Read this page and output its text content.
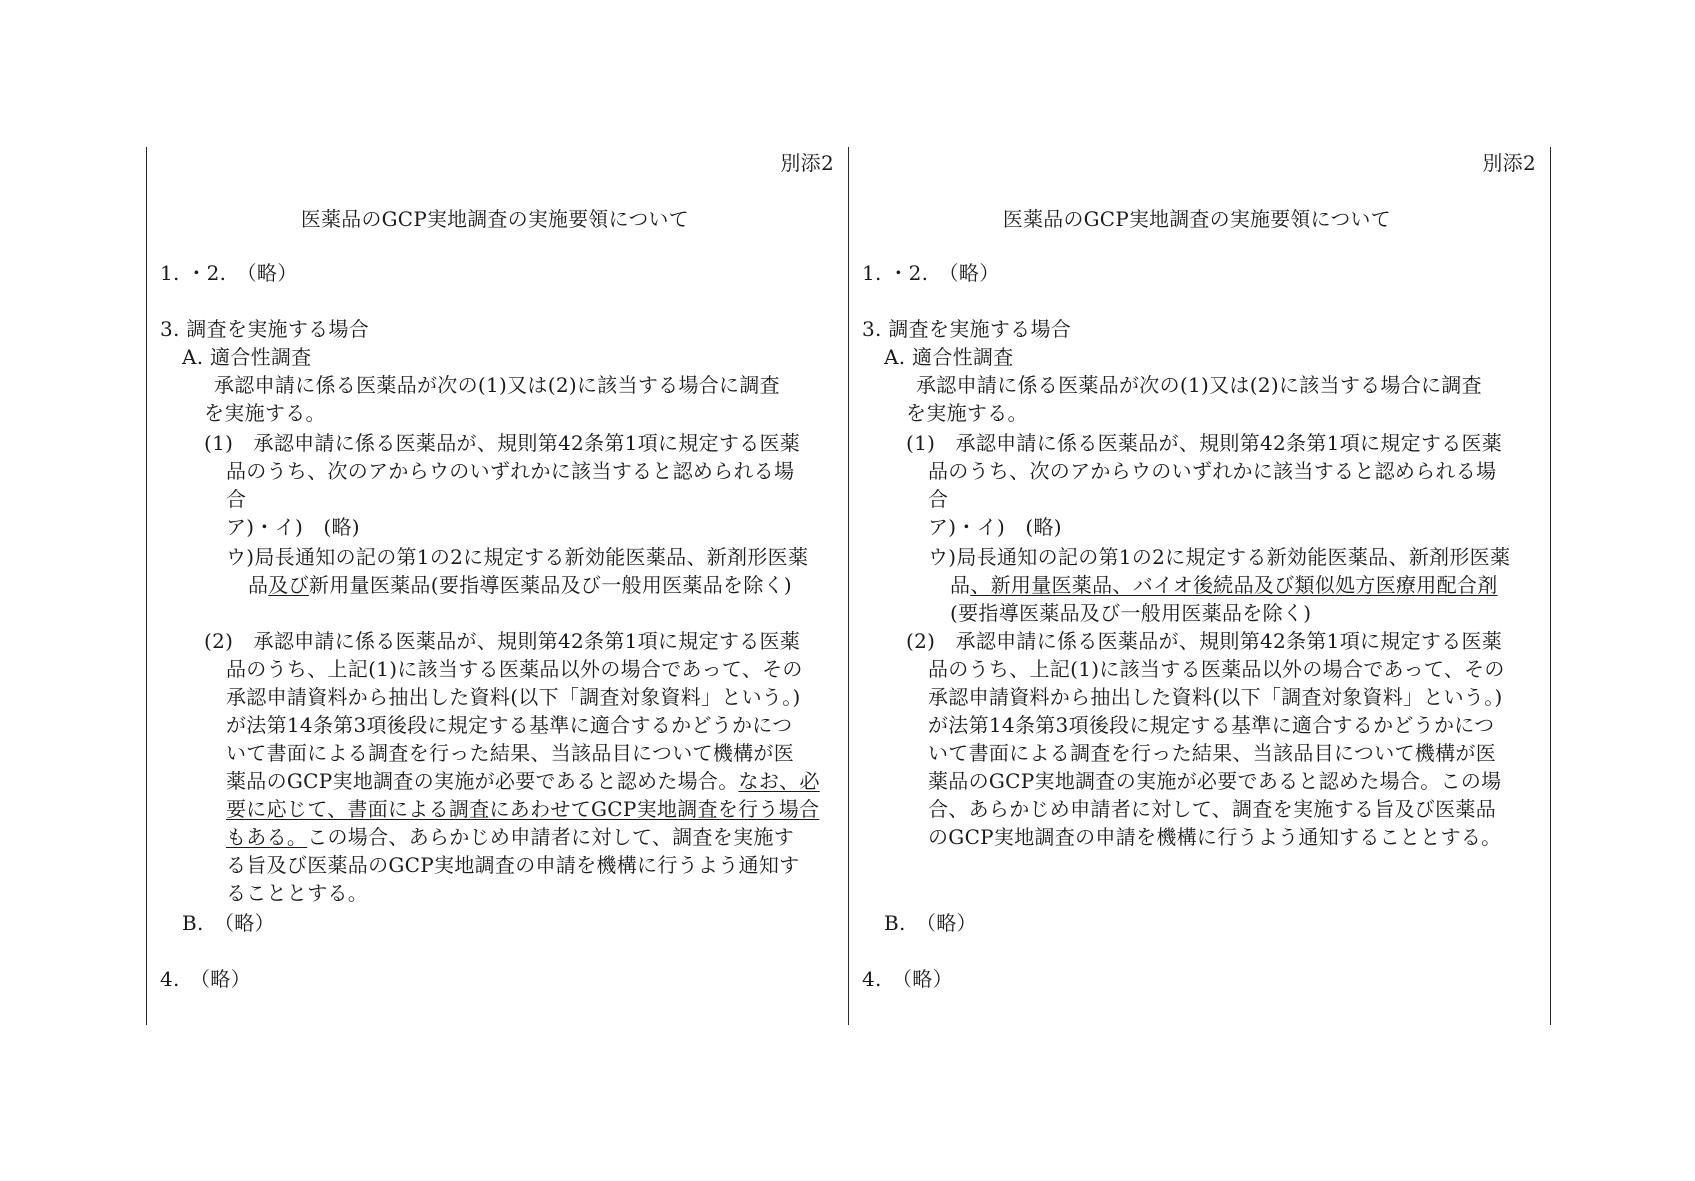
別添2
医薬品のGCP実地調査の実施要領について
1. ・2.　（略）
3. 調査を実施する場合
A. 適合性調査
承認申請に係る医薬品が次の(1)又は(2)に該当する場合に調査
を実施する。
(1)　承認申請に係る医薬品が、規則第42条第1項に規定する医薬
品のうち、次のアからウのいずれかに該当すると認められる場
合
ア)・イ)　(略)
ウ)局長通知の記の第1の2に規定する新効能医薬品、新剤形医薬
品及び新用量医薬品(要指導医薬品及び一般用医薬品を除く)
(2)　承認申請に係る医薬品が、規則第42条第1項に規定する医薬
品のうち、上記(1)に該当する医薬品以外の場合であって、その
承認申請資料から抽出した資料(以下「調査対象資料」という。)
が法第14条第3項後段に規定する基準に適合するかどうかにつ
いて書面による調査を行った結果、当該品目について機構が医
薬品のGCP実地調査の実施が必要であると認めた場合。なお、必
要に応じて、書面による調査にあわせてGCP実地調査を行う場合
もある。この場合、あらかじめ申請者に対して、調査を実施す
る旨及び医薬品のGCP実地調査の申請を機構に行うよう通知す
ることとする。
B.　（略）
4.　（略）
別添2
医薬品のGCP実地調査の実施要領について
1. ・2.　（略）
3. 調査を実施する場合
A. 適合性調査
承認申請に係る医薬品が次の(1)又は(2)に該当する場合に調査
を実施する。
(1)　承認申請に係る医薬品が、規則第42条第1項に規定する医薬
品のうち、次のアからウのいずれかに該当すると認められる場
合
ア)・イ)　(略)
ウ)局長通知の記の第1の2に規定する新効能医薬品、新剤形医薬
品、新用量医薬品、バイオ後続品及び類似処方医療用配合剤
(要指導医薬品及び一般用医薬品を除く)
(2)　承認申請に係る医薬品が、規則第42条第1項に規定する医薬
品のうち、上記(1)に該当する医薬品以外の場合であって、その
承認申請資料から抽出した資料(以下「調査対象資料」という。)
が法第14条第3項後段に規定する基準に適合するかどうかにつ
いて書面による調査を行った結果、当該品目について機構が医
薬品のGCP実地調査の実施が必要であると認めた場合。この場
合、あらかじめ申請者に対して、調査を実施する旨及び医薬品
のGCP実地調査の申請を機構に行うよう通知することとする。
B.　（略）
4.　（略）
